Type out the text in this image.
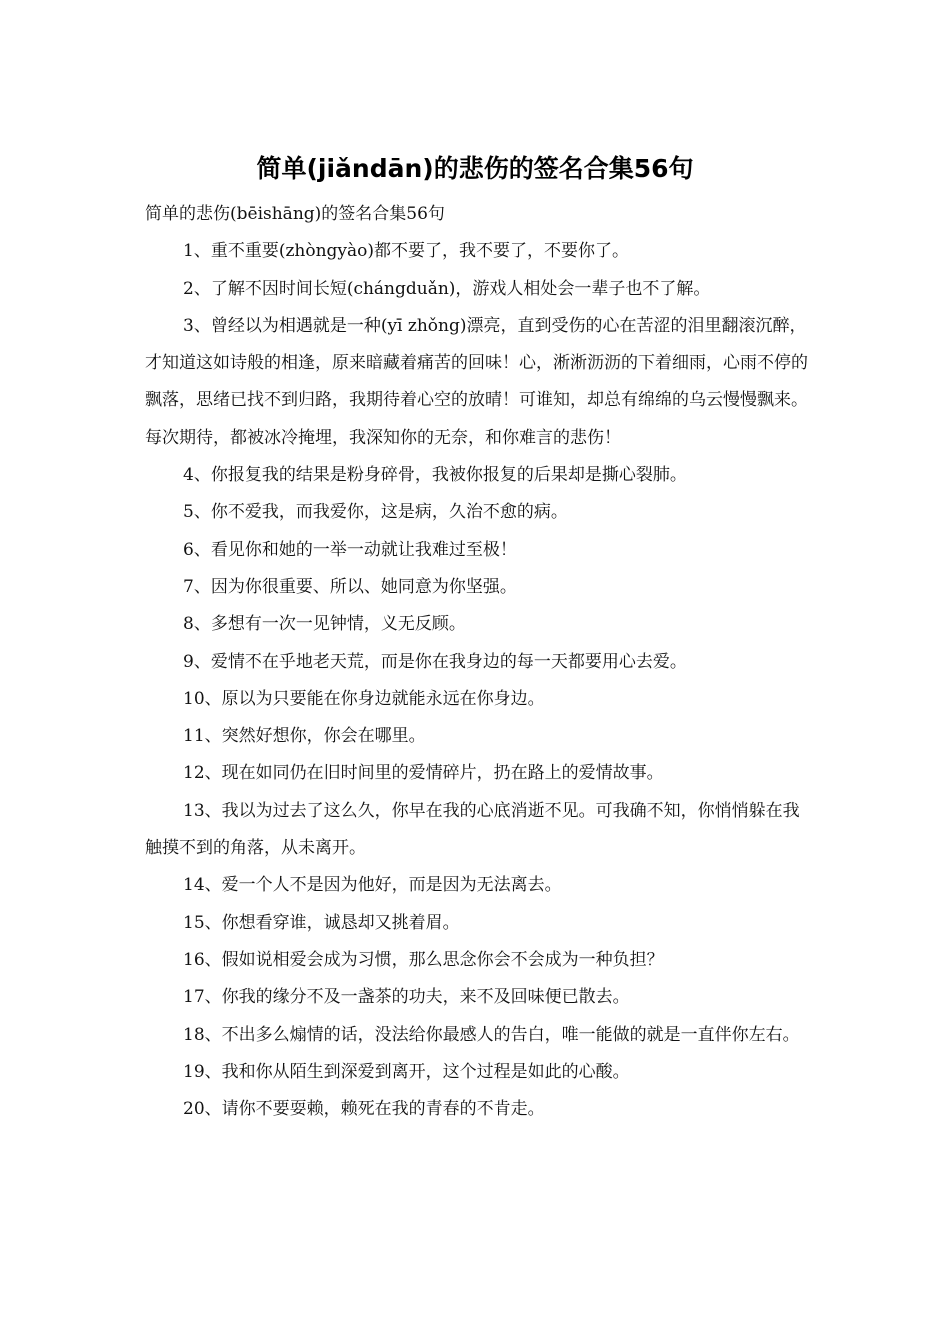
简单(jiǎndān)的悲伤的签名合集56句

简单的悲伤(bēishāng)的签名合集56句

1、重不重要(zhòngyào)都不要了，我不要了，不要你了。
2、了解不因时间长短(chángduǎn)，游戏人相处会一辈子也不了解。
3、曾经以为相遇就是一种(yī zhǒng)漂亮，直到受伤的心在苦涩的泪里翻滚沉醉，才知道这如诗般的相逢，原来暗藏着痛苦的回味！心，淅淅沥沥的下着细雨，心雨不停的飘落，思绪已找不到归路，我期待着心空的放晴！可谁知，却总有绵绵的乌云慢慢飘来。每次期待，都被冰冷掩埋，我深知你的无奈，和你难言的悲伤！
4、你报复我的结果是粉身碎骨，我被你报复的后果却是撕心裂肺。
5、你不爱我，而我爱你，这是病，久治不愈的病。
6、看见你和她的一举一动就让我难过至极！
7、因为你很重要、所以、她同意为你坚强。
8、多想有一次一见钟情，义无反顾。
9、爱情不在乎地老天荒，而是你在我身边的每一天都要用心去爱。
10、原以为只要能在你身边就能永远在你身边。
11、突然好想你，你会在哪里。
12、现在如同仍在旧时间里的爱情碎片，扔在路上的爱情故事。
13、我以为过去了这么久，你早在我的心底消逝不见。可我确不知，你悄悄躲在我触摸不到的角落，从未离开。
14、爱一个人不是因为他好，而是因为无法离去。
15、你想看穿谁，诚恳却又挑着眉。
16、假如说相爱会成为习惯，那么思念你会不会成为一种负担？
17、你我的缘分不及一盏茶的功夫，来不及回味便已散去。
18、不出多么煽情的话，没法给你最感人的告白，唯一能做的就是一直伴你左右。
19、我和你从陌生到深爱到离开，这个过程是如此的心酸。
20、请你不要耍赖，赖死在我的青春的不肯走。
